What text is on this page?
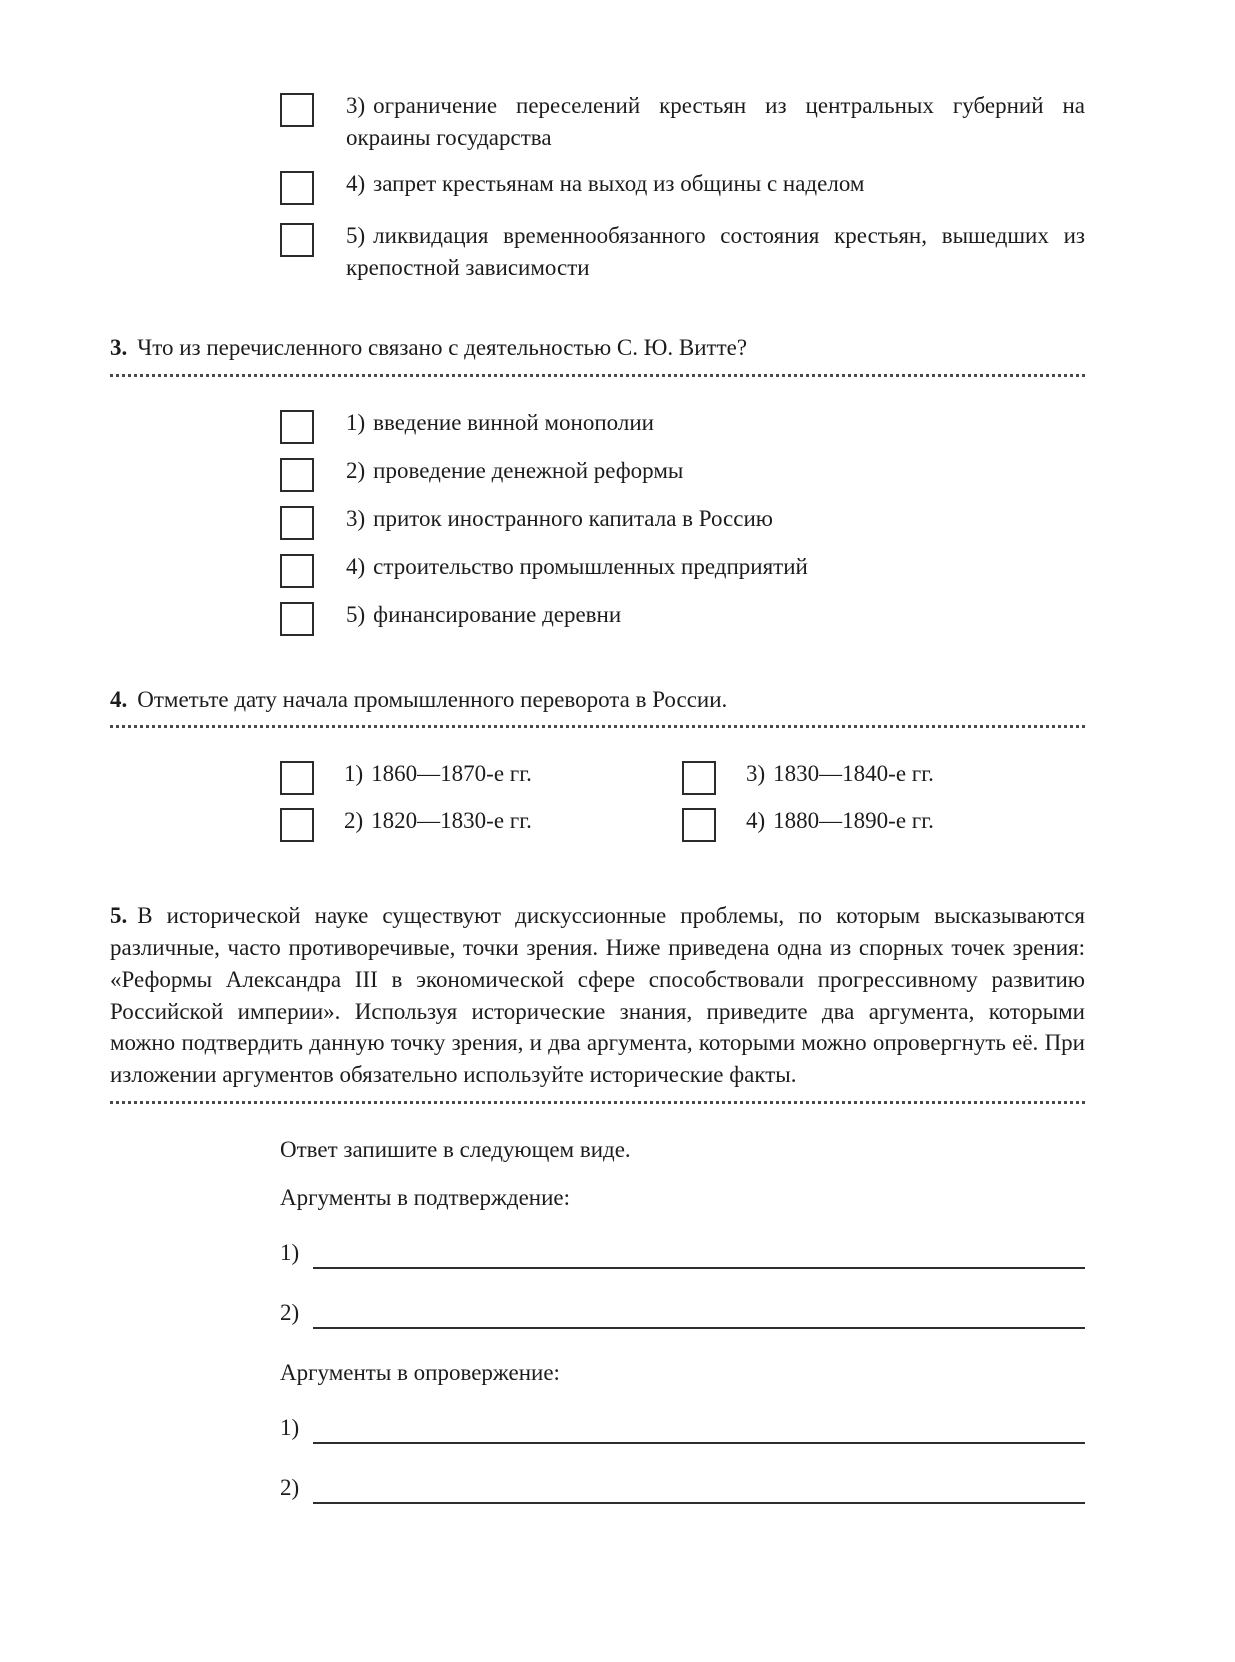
3) ограничение переселений крестьян из центральных губерний на окраины государства

4) запрет крестьянам на выход из общины с наделом

5) ликвидация временнообязанного состояния крестьян, вышедших из крепостной зависимости

3. Что из перечисленного связано с деятельностью С. Ю. Витте?

1) введение винной монополии

2) проведение денежной реформы

3) приток иностранного капитала в Россию

4) строительство промышленных предприятий

5) финансирование деревни

4. Отметьте дату начала промышленного переворота в России.

1) 1860—1870-е гг.

2) 1820—1830-е гг.

3) 1830—1840-е гг.

4) 1880—1890-е гг.

5. В исторической науке существуют дискуссионные проблемы, по которым высказываются различные, часто противоречивые, точки зрения. Ниже приведена одна из спорных точек зрения: «Реформы Александра III в экономической сфере способствовали прогрессивному развитию Российской империи». Используя исторические знания, приведите два аргумента, которыми можно подтвердить данную точку зрения, и два аргумента, которыми можно опровергнуть её. При изложении аргументов обязательно используйте исторические факты.

Ответ запишите в следующем виде.

Аргументы в подтверждение:

1)
2)

Аргументы в опровержение:

1)
2)
